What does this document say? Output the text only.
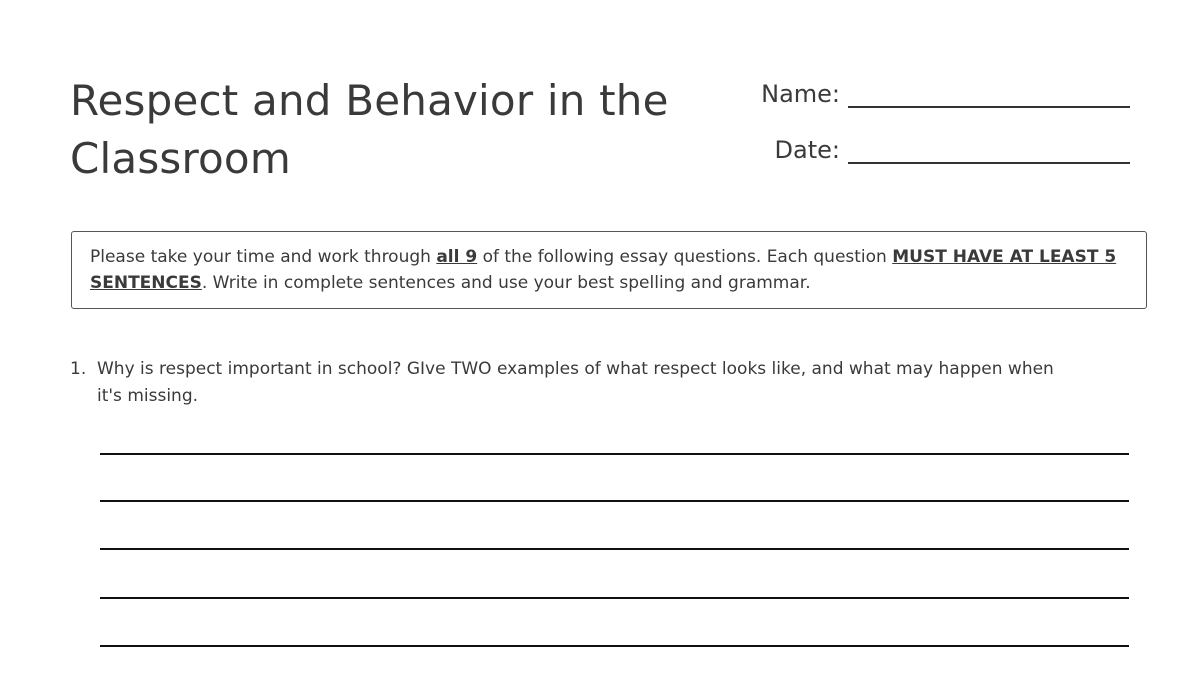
Respect and Behavior in the Classroom
Name:
Date:
Please take your time and work through all 9 of the following essay questions. Each question MUST HAVE AT LEAST 5 SENTENCES. Write in complete sentences and use your best spelling and grammar.
1. Why is respect important in school? GIve TWO examples of what respect looks like, and what may happen when it's missing.
